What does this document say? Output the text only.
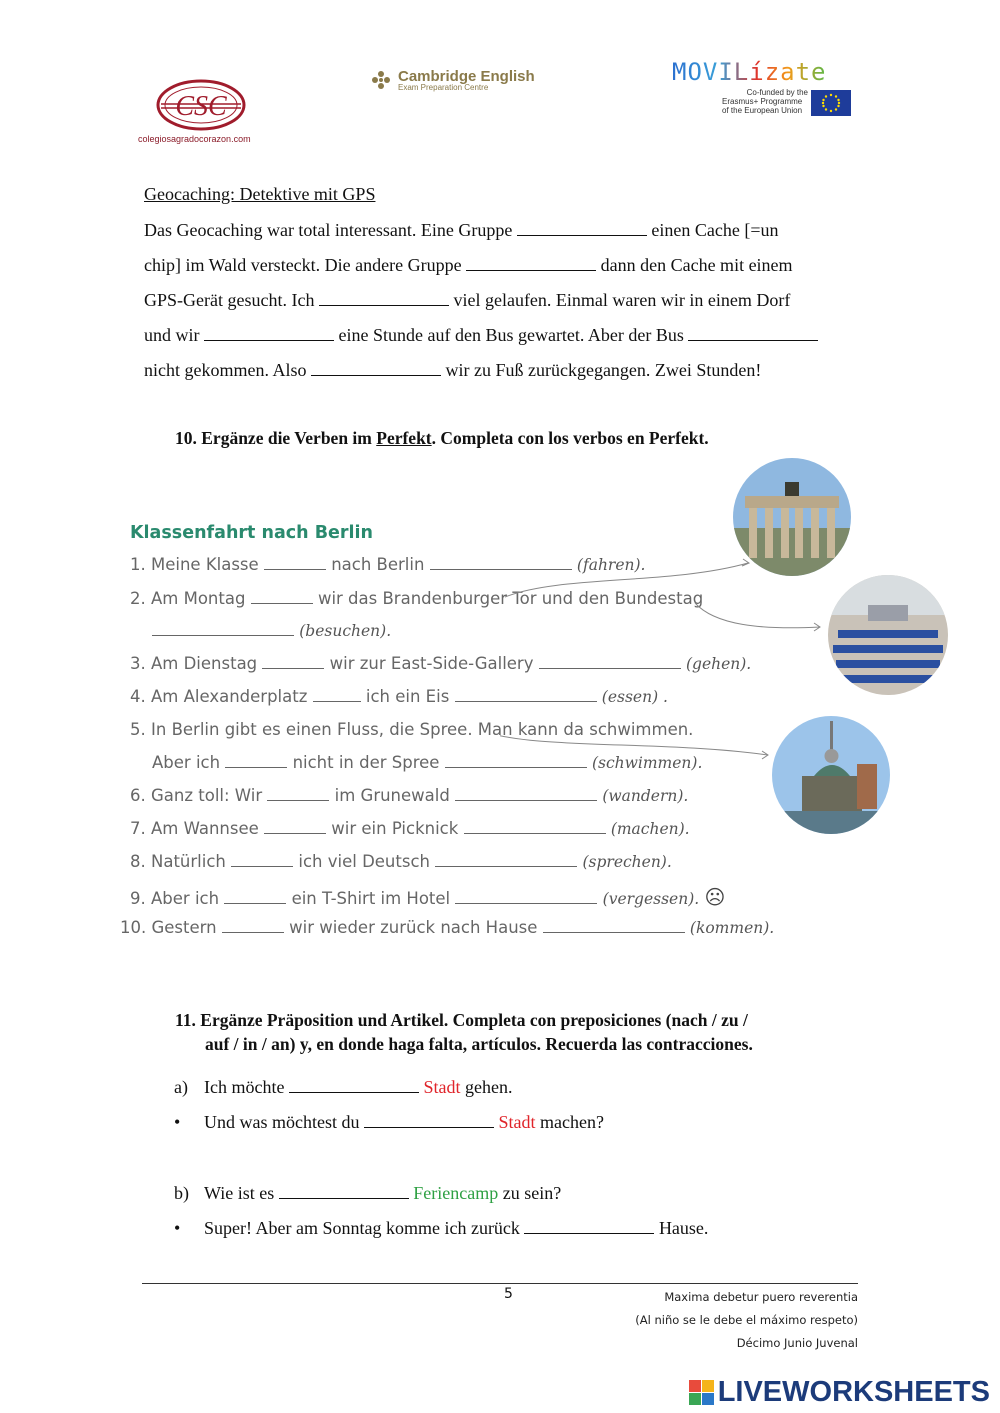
CSC
colegiosagradocorazon.com
Cambridge English
Exam Preparation Centre
MOVILízate
Co-funded by the
Erasmus+ Programme
of the European Union
Geocaching: Detektive mit GPS
Das Geocaching war total interessant. Eine Gruppe	einen Cache [=un
chip] im Wald versteckt. Die andere Gruppe	dann den Cache mit einem
GPS-Gerät gesucht. Ich	viel gelaufen. Einmal waren wir in einem Dorf
und wir	eine Stunde auf den Bus gewartet. Aber der Bus
nicht gekommen. Also	wir zu Fuß zurückgegangen. Zwei Stunden!
10. Ergänze die Verben im Perfekt. Completa con los verbos en Perfekt.
Klassenfahrt nach Berlin
1. Meine Klasse	nach Berlin	(fahren).
2. Am Montag	wir das Brandenburger Tor und den Bundestag
(besuchen).
3. Am Dienstag	wir zur East-Side-Gallery	(gehen).
4. Am Alexanderplatz	ich ein Eis	(essen) .
5. In Berlin gibt es einen Fluss, die Spree. Man kann da schwimmen.
Aber ich	nicht in der Spree	(schwimmen).
6. Ganz toll: Wir	im Grunewald	(wandern).
7. Am Wannsee	wir ein Picknick	(machen).
8. Natürlich	ich viel Deutsch	(sprechen).
9. Aber ich	ein T-Shirt im Hotel	(vergessen). ☹
10. Gestern	wir wieder zurück nach Hause	(kommen).
11. Ergänze Präposition und Artikel. Completa con preposiciones (nach / zu /
auf / in / an) y, en donde haga falta, artículos. Recuerda las contracciones.
a) Ich möchte	Stadt gehen.
• Und was möchtest du	Stadt machen?
b) Wie ist es	Feriencamp zu sein?
• Super! Aber am Sonntag komme ich zurück	Hause.
5	Maxima debetur puero reverentia
(Al niño se le debe el máximo respeto)
Décimo Junio Juvenal
LIVEWORKSHEETS
